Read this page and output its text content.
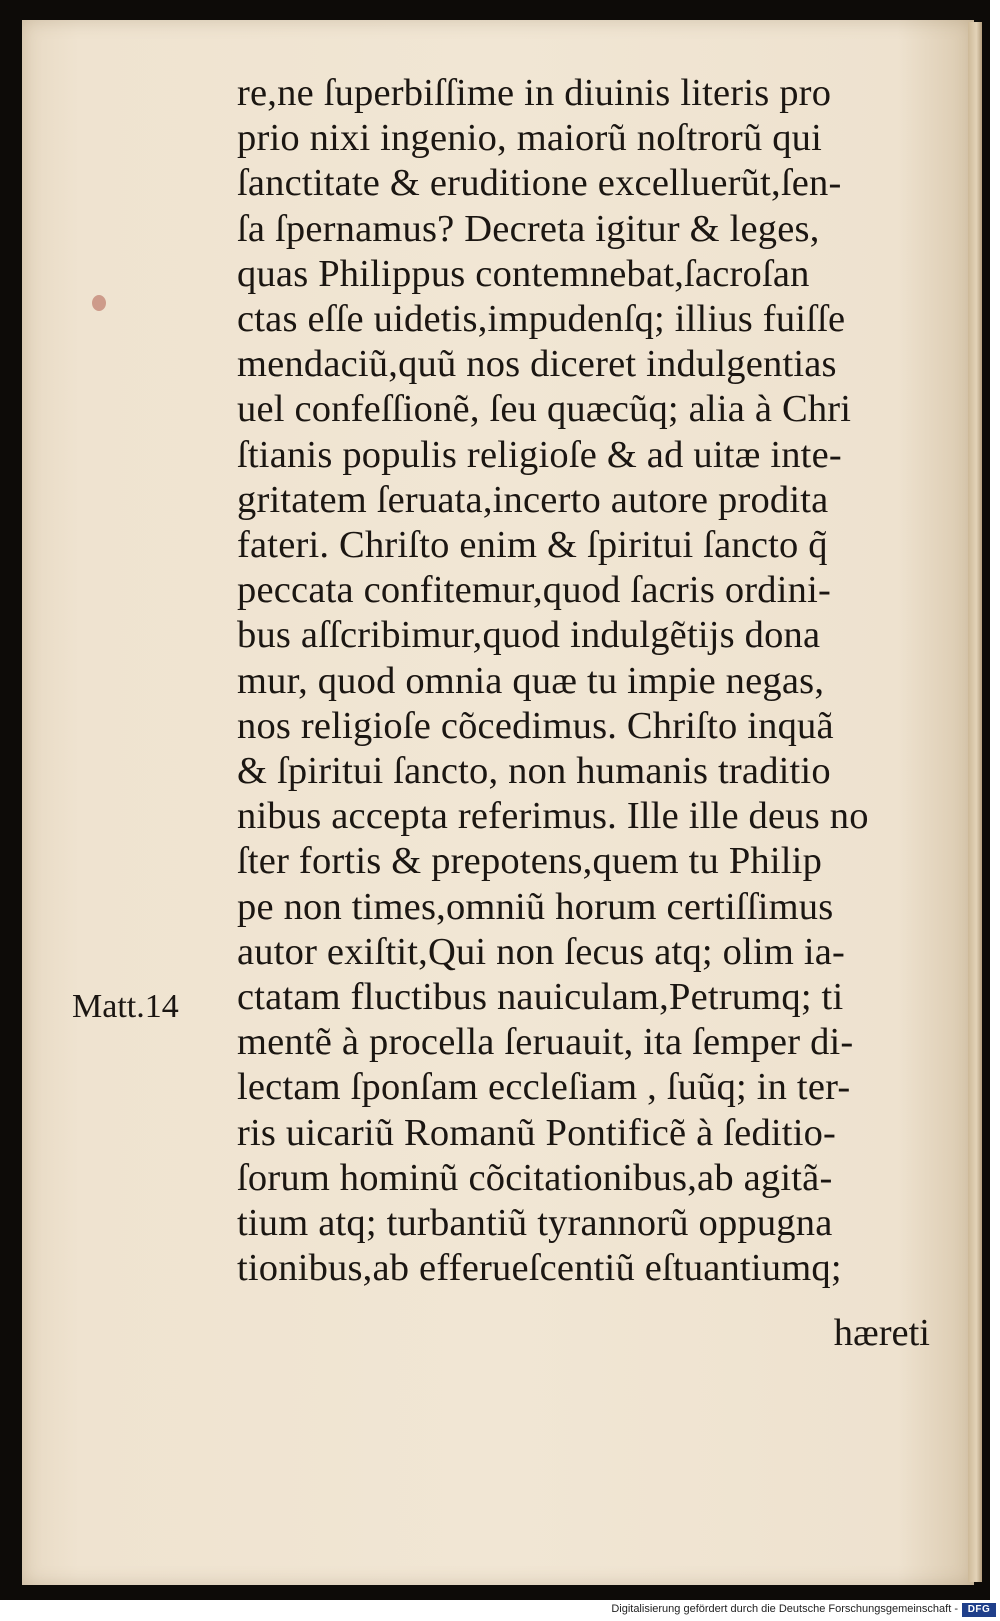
re,ne ſuperbiſſime in diuinis literis pro
prio nixi ingenio, maiorũ noſtrorũ qui
ſanctitate & eruditione excelluerũt,ſen-
ſa ſpernamus? Decreta igitur & leges,
quas Philippus contemnebat,ſacroſan
ctas eſſe uidetis,impudenſq; illius fuiſſe
mendaciũ,quũ nos diceret indulgentias
uel confeſſionẽ, ſeu quæcũq; alia à Chri
ſtianis populis religioſe & ad uitæ inte-
gritatem ſeruata,incerto autore prodita
fateri. Chriſto enim & ſpiritui ſancto q̃
peccata confitemur,quod ſacris ordini-
bus aſſcribimur,quod indulgẽtijs dona
mur, quod omnia quæ tu impie negas,
nos religioſe cõcedimus. Chriſto inquã
& ſpiritui ſancto, non humanis traditio
nibus accepta referimus. Ille ille deus no
ſter fortis & prepotens,quem tu Philip
pe non times,omniũ horum certiſſimus
autor exiſtit,Qui non ſecus atq; olim ia-
ctatam fluctibus nauiculam,Petrumq; ti
mentẽ à procella ſeruauit, ita ſemper di-
lectam ſponſam eccleſiam , ſuũq; in ter-
ris uicariũ Romanũ Pontificẽ à ſeditio-
ſorum hominũ cõcitationibus,ab agitã-
tium atq; turbantiũ tyrannorũ oppugna
tionibus,ab efferueſcentiũ eſtuantiumq;
Matt.14
hæreti
Digitalisierung gefördert durch die Deutsche Forschungsgemeinschaft - DFG
